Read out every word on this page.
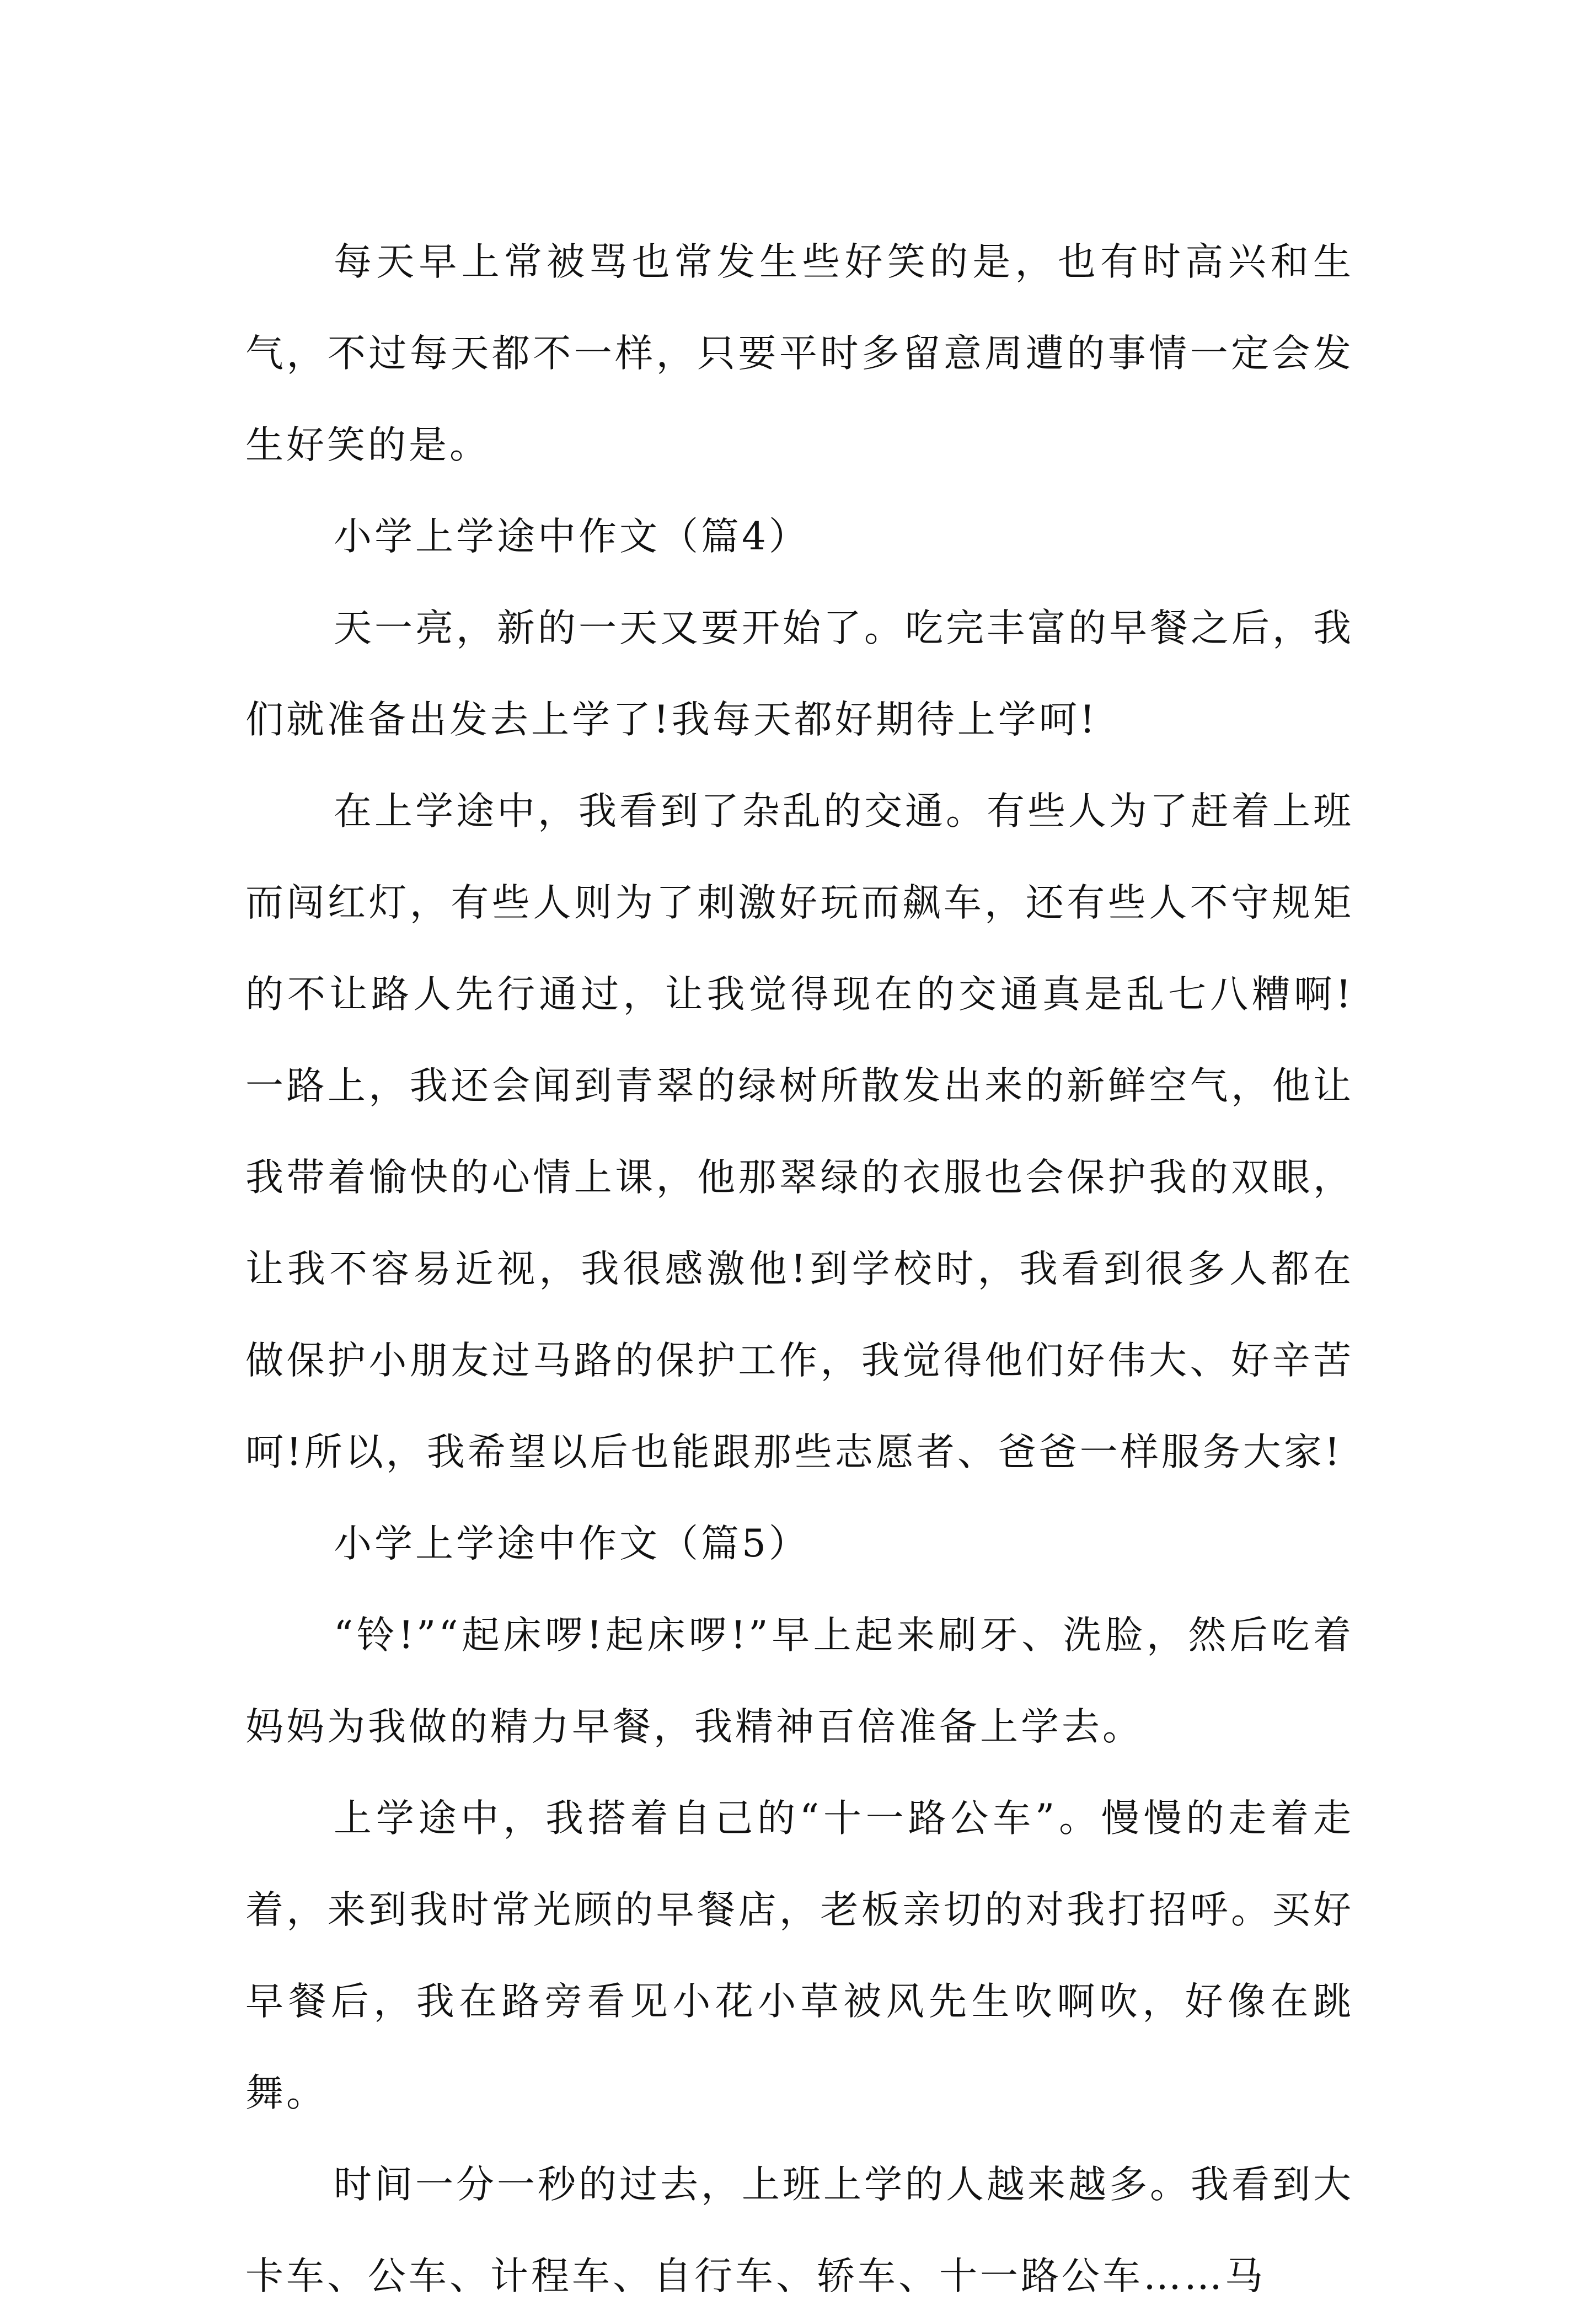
每天早上常被骂也常发生些好笑的是，也有时高兴和生气，不过每天都不一样，只要平时多留意周遭的事情一定会发生好笑的是。

小学上学途中作文（篇4）

天一亮，新的一天又要开始了。吃完丰富的早餐之后，我们就准备出发去上学了!我每天都好期待上学呵!

在上学途中，我看到了杂乱的交通。有些人为了赶着上班而闯红灯，有些人则为了刺激好玩而飙车，还有些人不守规矩的不让路人先行通过，让我觉得现在的交通真是乱七八糟啊!一路上，我还会闻到青翠的绿树所散发出来的新鲜空气，他让我带着愉快的心情上课，他那翠绿的衣服也会保护我的双眼，让我不容易近视，我很感激他!到学校时，我看到很多人都在做保护小朋友过马路的保护工作，我觉得他们好伟大、好辛苦呵!所以，我希望以后也能跟那些志愿者、爸爸一样服务大家!

小学上学途中作文（篇5）

“铃!”“起床啰!起床啰!”早上起来刷牙、洗脸，然后吃着妈妈为我做的精力早餐，我精神百倍准备上学去。

上学途中，我搭着自己的“十一路公车”。慢慢的走着走着，来到我时常光顾的早餐店，老板亲切的对我打招呼。买好早餐后，我在路旁看见小花小草被风先生吹啊吹，好像在跳舞。

时间一分一秒的过去，上班上学的人越来越多。我看到大卡车、公车、计程车、自行车、轿车、十一路公车……马
